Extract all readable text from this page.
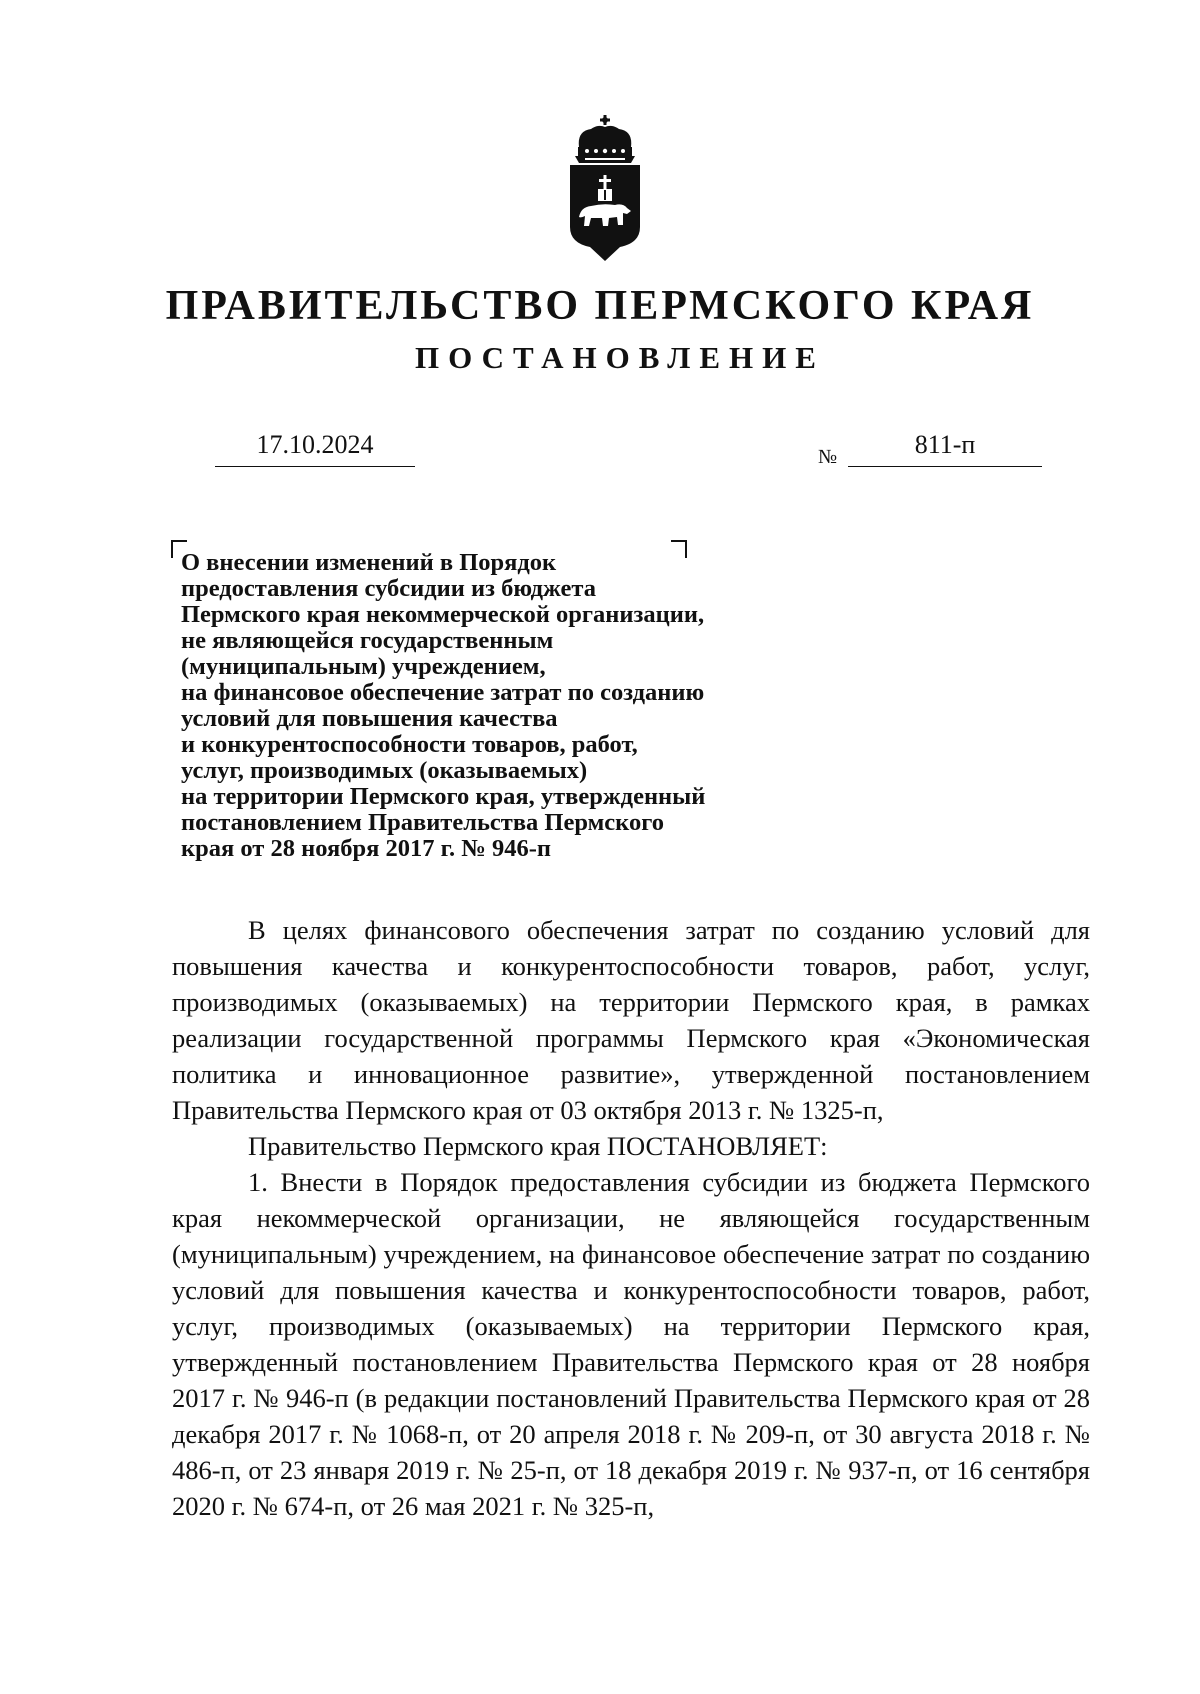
ПРАВИТЕЛЬСТВО ПЕРМСКОГО КРАЯ
ПОСТАНОВЛЕНИЕ
17.10.2024	№	811-п
О внесении изменений в Порядок
предоставления субсидии из бюджета
Пермского края некоммерческой организации,
не являющейся государственным
(муниципальным) учреждением,
на финансовое обеспечение затрат по созданию
условий для повышения качества
и конкурентоспособности товаров, работ,
услуг, производимых (оказываемых)
на территории Пермского края, утвержденный
постановлением Правительства Пермского
края от 28 ноября 2017 г. № 946-п

В целях финансового обеспечения затрат по созданию условий для повышения качества и конкурентоспособности товаров, работ, услуг, производимых (оказываемых) на территории Пермского края, в рамках реализации государственной программы Пермского края «Экономическая политика и инновационное развитие», утвержденной постановлением Правительства Пермского края от 03 октября 2013 г. № 1325-п,

Правительство Пермского края ПОСТАНОВЛЯЕТ:

1. Внести в Порядок предоставления субсидии из бюджета Пермского края некоммерческой организации, не являющейся государственным (муниципальным) учреждением, на финансовое обеспечение затрат по созданию условий для повышения качества и конкурентоспособности товаров, работ, услуг, производимых (оказываемых) на территории Пермского края, утвержденный постановлением Правительства Пермского края от 28 ноября 2017 г. № 946-п (в редакции постановлений Правительства Пермского края от 28 декабря 2017 г. № 1068-п, от 20 апреля 2018 г. № 209-п, от 30 августа 2018 г. № 486-п, от 23 января 2019 г. № 25-п, от 18 декабря 2019 г. № 937-п, от 16 сентября 2020 г. № 674-п, от 26 мая 2021 г. № 325-п,
